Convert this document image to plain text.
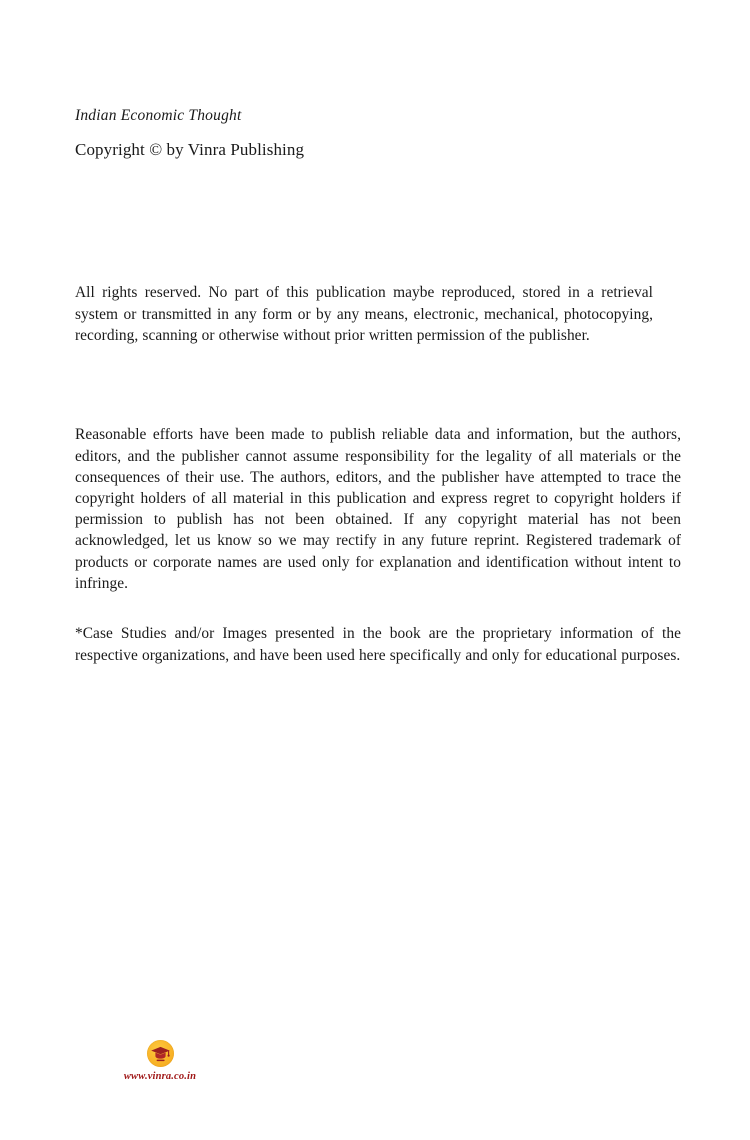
Indian Economic Thought
Copyright © by Vinra Publishing

All rights reserved. No part of this publication maybe reproduced, stored in a retrieval system or transmitted in any form or by any means, electronic, mechanical, photocopying, recording, scanning or otherwise without prior written permission of the publisher.

Reasonable efforts have been made to publish reliable data and information, but the authors, editors, and the publisher cannot assume responsibility for the legality of all materials or the consequences of their use. The authors, editors, and the publisher have attempted to trace the copyright holders of all material in this publication and express regret to copyright holders if permission to publish has not been obtained. If any copyright material has not been acknowledged, let us know so we may rectify in any future reprint. Registered trademark of products or corporate names are used only for explanation and identification without intent to infringe.

*Case Studies and/or Images presented in the book are the proprietary information of the respective organizations, and have been used here specifically and only for educational purposes.

www.vinra.co.in
